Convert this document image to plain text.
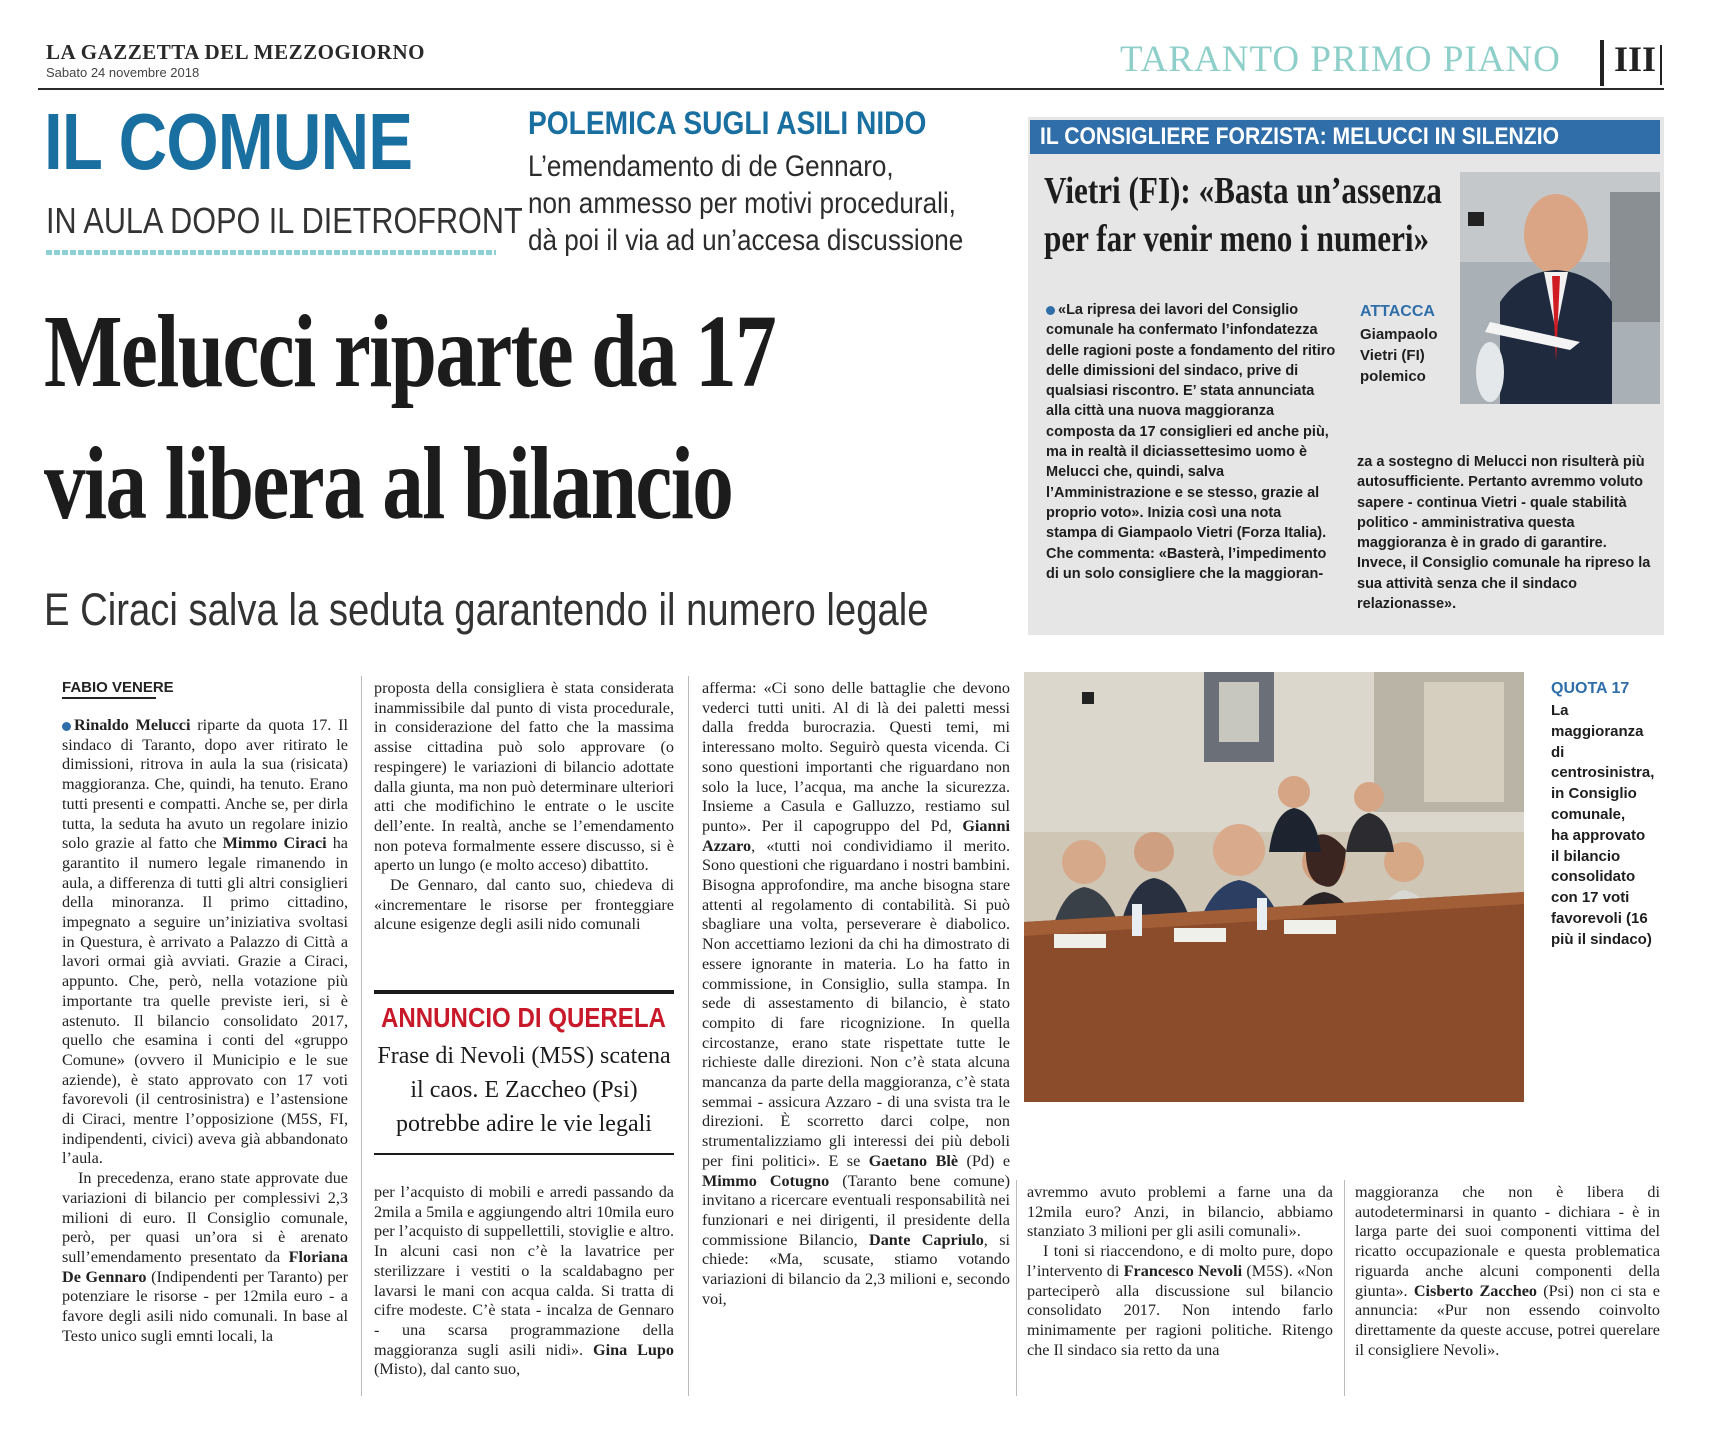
LA GAZZETTA DEL MEZZOGIORNO
Sabato 24 novembre 2018	TARANTO PRIMO PIANO III
IL COMUNE
IN AULA DOPO IL DIETROFRONT
POLEMICA SUGLI ASILI NIDO
L’emendamento di de Gennaro,
non ammesso per motivi procedurali,
dà poi il via ad un’accesa discussione
Melucci riparte da 17
via libera al bilancio
E Ciraci salva la seduta garantendo il numero legale
IL CONSIGLIERE FORZISTA: MELUCCI IN SILENZIO
Vietri (FI): «Basta un’assenza
per far venir meno i numeri»
«La ripresa dei lavori del Consiglio comunale ha confermato l’infondatezza delle ragioni poste a fondamento del ritiro delle dimissioni del sindaco, prive di qualsiasi riscontro. E’ stata annunciata alla città una nuova maggioranza composta da 17 consiglieri ed anche più, ma in realtà il diciassettesimo uomo è Melucci che, quindi, salva l’Amministrazione e se stesso, grazie al proprio voto». Inizia così una nota stampa di Giampaolo Vietri (Forza Italia). Che commenta: «Basterà, l’impedimento di un solo consigliere che la maggioran-
ATTACCA
Giampaolo
Vietri (FI)
polemico
za a sostegno di Melucci non risulterà più autosufficiente. Pertanto avremmo voluto sapere - continua Vietri - quale stabilità politico - amministrativa questa maggioranza è in grado di garantire. Invece, il Consiglio comunale ha ripreso la sua attività senza che il sindaco relazionasse».
QUOTA 17
La
maggioranza
di
centrosinistra,
in Consiglio
comunale,
ha approvato
il bilancio
consolidato
con 17 voti
favorevoli (16
più il sindaco)
FABIO VENERE

Rinaldo Melucci riparte da quota 17. Il sindaco di Taranto, dopo aver ritirato le dimissioni, ritrova in aula la sua (risicata) maggioranza. Che, quindi, ha tenuto. Erano tutti presenti e compatti. Anche se, per dirla tutta, la seduta ha avuto un regolare inizio solo grazie al fatto che Mimmo Ciraci ha garantito il numero legale rimanendo in aula, a differenza di tutti gli altri consiglieri della minoranza. Il primo cittadino, impegnato a seguire un’iniziativa svoltasi in Questura, è arrivato a Palazzo di Città a lavori ormai già avviati. Grazie a Ciraci, appunto. Che, però, nella votazione più importante tra quelle previste ieri, si è astenuto. Il bilancio consolidato 2017, quello che esamina i conti del «gruppo Comune» (ovvero il Municipio e le sue aziende), è stato approvato con 17 voti favorevoli (il centrosinistra) e l’astensione di Ciraci, mentre l’opposizione (M5S, FI, indipendenti, civici) aveva già abbandonato l’aula.

In precedenza, erano state approvate due variazioni di bilancio per complessivi 2,3 milioni di euro. Il Consiglio comunale, però, per quasi un’ora si è arenato sull’emendamento presentato da Floriana De Gennaro (Indipendenti per Taranto) per potenziare le risorse - per 12mila euro - a favore degli asili nido comunali. In base al Testo unico sugli emnti locali, la

proposta della consigliera è stata considerata inammissibile dal punto di vista procedurale, in considerazione del fatto che la massima assise cittadina può solo approvare (o respingere) le variazioni di bilancio adottate dalla giunta, ma non può determinare ulteriori atti che modifichino le entrate o le uscite dell’ente. In realtà, anche se l’emendamento non poteva formalmente essere discusso, si è aperto un lungo (e molto acceso) dibattito.

De Gennaro, dal canto suo, chiedeva di «incrementare le risorse per fronteggiare alcune esigenze degli asili nido comunali

ANNUNCIO DI QUERELA
Frase di Nevoli (M5S) scatena
il caos. E Zaccheo (Psi)
potrebbe adire le vie legali

per l’acquisto di mobili e arredi passando da 2mila a 5mila e aggiungendo altri 10mila euro per l’acquisto di suppellettili, stoviglie e altro. In alcuni casi non c’è la lavatrice per sterilizzare i vestiti o la scaldabagno per lavarsi le mani con acqua calda. Si tratta di cifre modeste. C’è stata - incalza de Gennaro - una scarsa programmazione della maggioranza sugli asili nidi». Gina Lupo (Misto), dal canto suo,

afferma: «Ci sono delle battaglie che devono vederci tutti uniti. Al di là dei paletti messi dalla fredda burocrazia. Questi temi, mi interessano molto. Seguirò questa vicenda. Ci sono questioni importanti che riguardano non solo la luce, l’acqua, ma anche la sicurezza. Insieme a Casula e Galluzzo, restiamo sul punto». Per il capogruppo del Pd, Gianni Azzaro, «tutti noi condividiamo il merito. Sono questioni che riguardano i nostri bambini. Bisogna approfondire, ma anche bisogna stare attenti al regolamento di contabilità. Si può sbagliare una volta, perseverare è diabolico. Non accettiamo lezioni da chi ha dimostrato di essere ignorante in materia. Lo ha fatto in commissione, in Consiglio, sulla stampa. In sede di assestamento di bilancio, è stato compito di fare ricognizione. In quella circostanze, erano state rispettate tutte le richieste dalle direzioni. Non c’è stata alcuna mancanza da parte della maggioranza, c’è stata semmai - assicura Azzaro - di una svista tra le direzioni. È scorretto darci colpe, non strumentalizziamo gli interessi dei più deboli per fini politici». E se Gaetano Blè (Pd) e Mimmo Cotugno (Taranto bene comune) invitano a ricercare eventuali responsabilità nei funzionari e nei dirigenti, il presidente della commissione Bilancio, Dante Capriulo, si chiede: «Ma, scusate, stiamo votando variazioni di bilancio da 2,3 milioni e, secondo voi,

avremmo avuto problemi a farne una da 12mila euro? Anzi, in bilancio, abbiamo stanziato 3 milioni per gli asili comunali».

I toni si riaccendono, e di molto pure, dopo l’intervento di Francesco Nevoli (M5S). «Non parteciperò alla discussione sul bilancio consolidato 2017. Non intendo farlo minimamente per ragioni politiche. Ritengo che Il sindaco sia retto da una

maggioranza che non è libera di autodeterminarsi in quanto - dichiara - è in larga parte dei suoi componenti vittima del ricatto occupazionale e questa problematica riguarda anche alcuni componenti della giunta». Cisberto Zaccheo (Psi) non ci sta e annuncia: «Pur non essendo coinvolto direttamente da queste accuse, potrei querelare il consigliere Nevoli».
